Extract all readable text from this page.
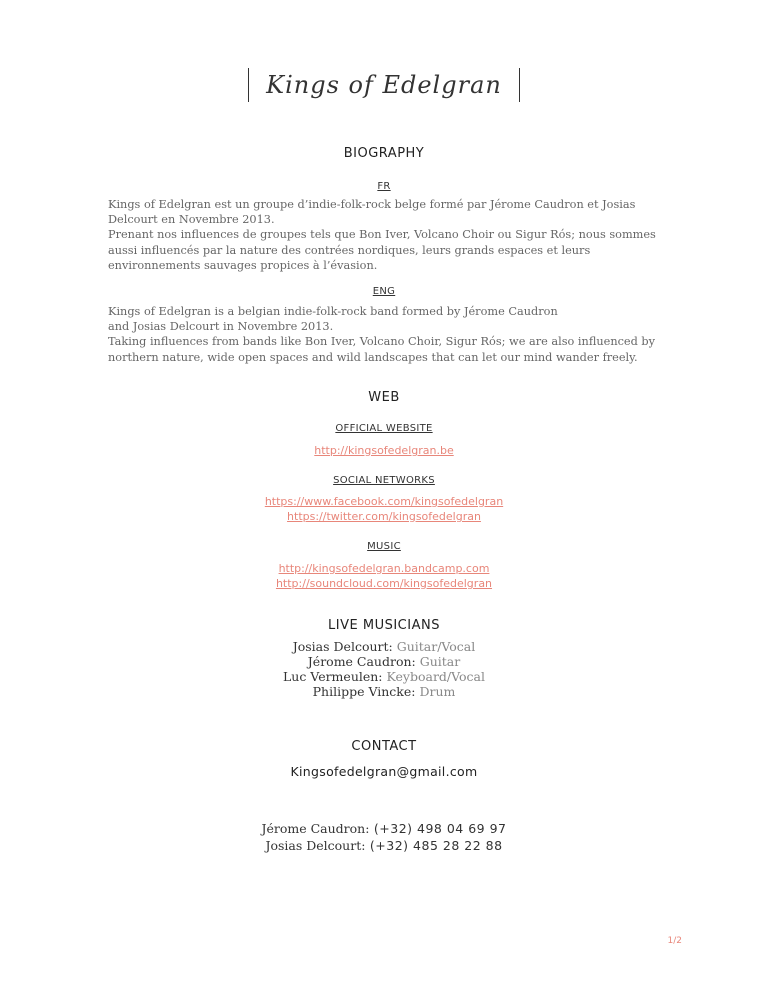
Kings of Edelgran
BIOGRAPHY
FR

Kings of Edelgran est un groupe d’indie-folk-rock belge formé par Jérome Caudron et Josias

Delcourt en Novembre 2013.

Prenant nos influences de groupes tels que Bon Iver, Volcano Choir ou Sigur Rós; nous sommes

aussi influencés par la nature des contrées nordiques, leurs grands espaces et leurs

environnements sauvages propices à l’évasion.

ENG

Kings of Edelgran is a belgian indie-folk-rock band formed by Jérome Caudron

and Josias Delcourt in Novembre 2013.

Taking influences from bands like Bon Iver, Volcano Choir, Sigur Rós; we are also influenced by

northern nature, wide open spaces and wild landscapes that can let our mind wander freely.

WEB
OFFICIAL WEBSITE
http://kingsofedelgran.be
SOCIAL NETWORKS
https://www.facebook.com/kingsofedelgran
https://twitter.com/kingsofedelgran
MUSIC
http://kingsofedelgran.bandcamp.com
http://soundcloud.com/kingsofedelgran
LIVE MUSICIANS
Josias Delcourt: Guitar/Vocal
Jérome Caudron: Guitar
Luc Vermeulen: Keyboard/Vocal
Philippe Vincke: Drum
CONTACT
Kingsofedelgran@gmail.com
Jérome Caudron: (+32) 498 04 69 97
Josias Delcourt: (+32) 485 28 22 88
1/2
